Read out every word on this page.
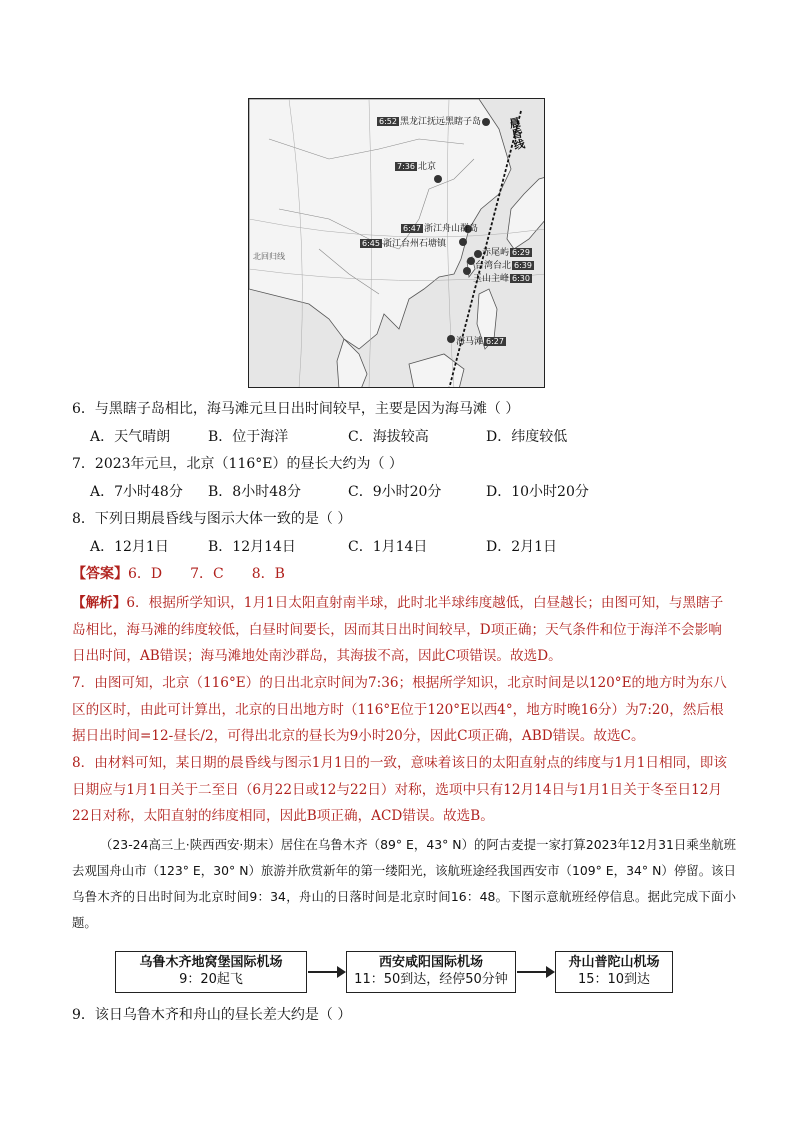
晨昏线
北回归线
6:52 黑龙江抚远黑瞎子岛
7:36 北京
6:47 浙江舟山群岛
6:45 浙江台州石塘镇
赤尾屿 6:29
台湾台北 6:39
玉山主峰 6:30
海马滩 6:27
6．与黑瞎子岛相比，海马滩元旦日出时间较早，主要是因为海马滩（ ）
A．天气晴朗	B．位于海洋	C．海拔较高	D．纬度较低
7．2023年元旦，北京（116°E）的昼长大约为（ ）
A．7小时48分 B．8小时48分	C．9小时20分	D．10小时20分
8．下列日期晨昏线与图示大体一致的是（ ）
A．12月1日	B．12月14日	C．1月14日	D．2月1日
【答案】6．D　　7．C　　8．B
【解析】6．根据所学知识，1月1日太阳直射南半球，此时北半球纬度越低，白昼越长；由图可知，与黑瞎子岛相比，海马滩的纬度较低，白昼时间要长，因而其日出时间较早，D项正确；天气条件和位于海洋不会影响日出时间，AB错误；海马滩地处南沙群岛，其海拔不高，因此C项错误。故选D。
7．由图可知，北京（116°E）的日出北京时间为7:36；根据所学知识，北京时间是以120°E的地方时为东八区的区时，由此可计算出，北京的日出地方时（116°E位于120°E以西4°，地方时晚16分）为7:20，然后根据日出时间=12-昼长/2，可得出北京的昼长为9小时20分，因此C项正确，ABD错误。故选C。
8．由材料可知，某日期的晨昏线与图示1月1日的一致，意味着该日的太阳直射点的纬度与1月1日相同，即该日期应与1月1日关于二至日（6月22日或12与22日）对称，选项中只有12月14日与1月1日关于冬至日12月22日对称，太阳直射的纬度相同，因此B项正确，ACD错误。故选B。
（23-24高三上·陕西西安·期末）居住在乌鲁木齐（89° E，43° N）的阿古麦提一家打算2023年12月31日乘坐航班去观国舟山市（123° E，30° N）旅游并欣赏新年的第一缕阳光，该航班途经我国西安市（109° E，34° N）停留。该日乌鲁木齐的日出时间为北京时间9：34，舟山的日落时间是北京时间16：48。下图示意航班经停信息。据此完成下面小题。
乌鲁木齐地窝堡国际机场
9：20起飞
西安咸阳国际机场
11：50到达，经停50分钟
舟山普陀山机场
15：10到达
9．该日乌鲁木齐和舟山的昼长差大约是（ ）
